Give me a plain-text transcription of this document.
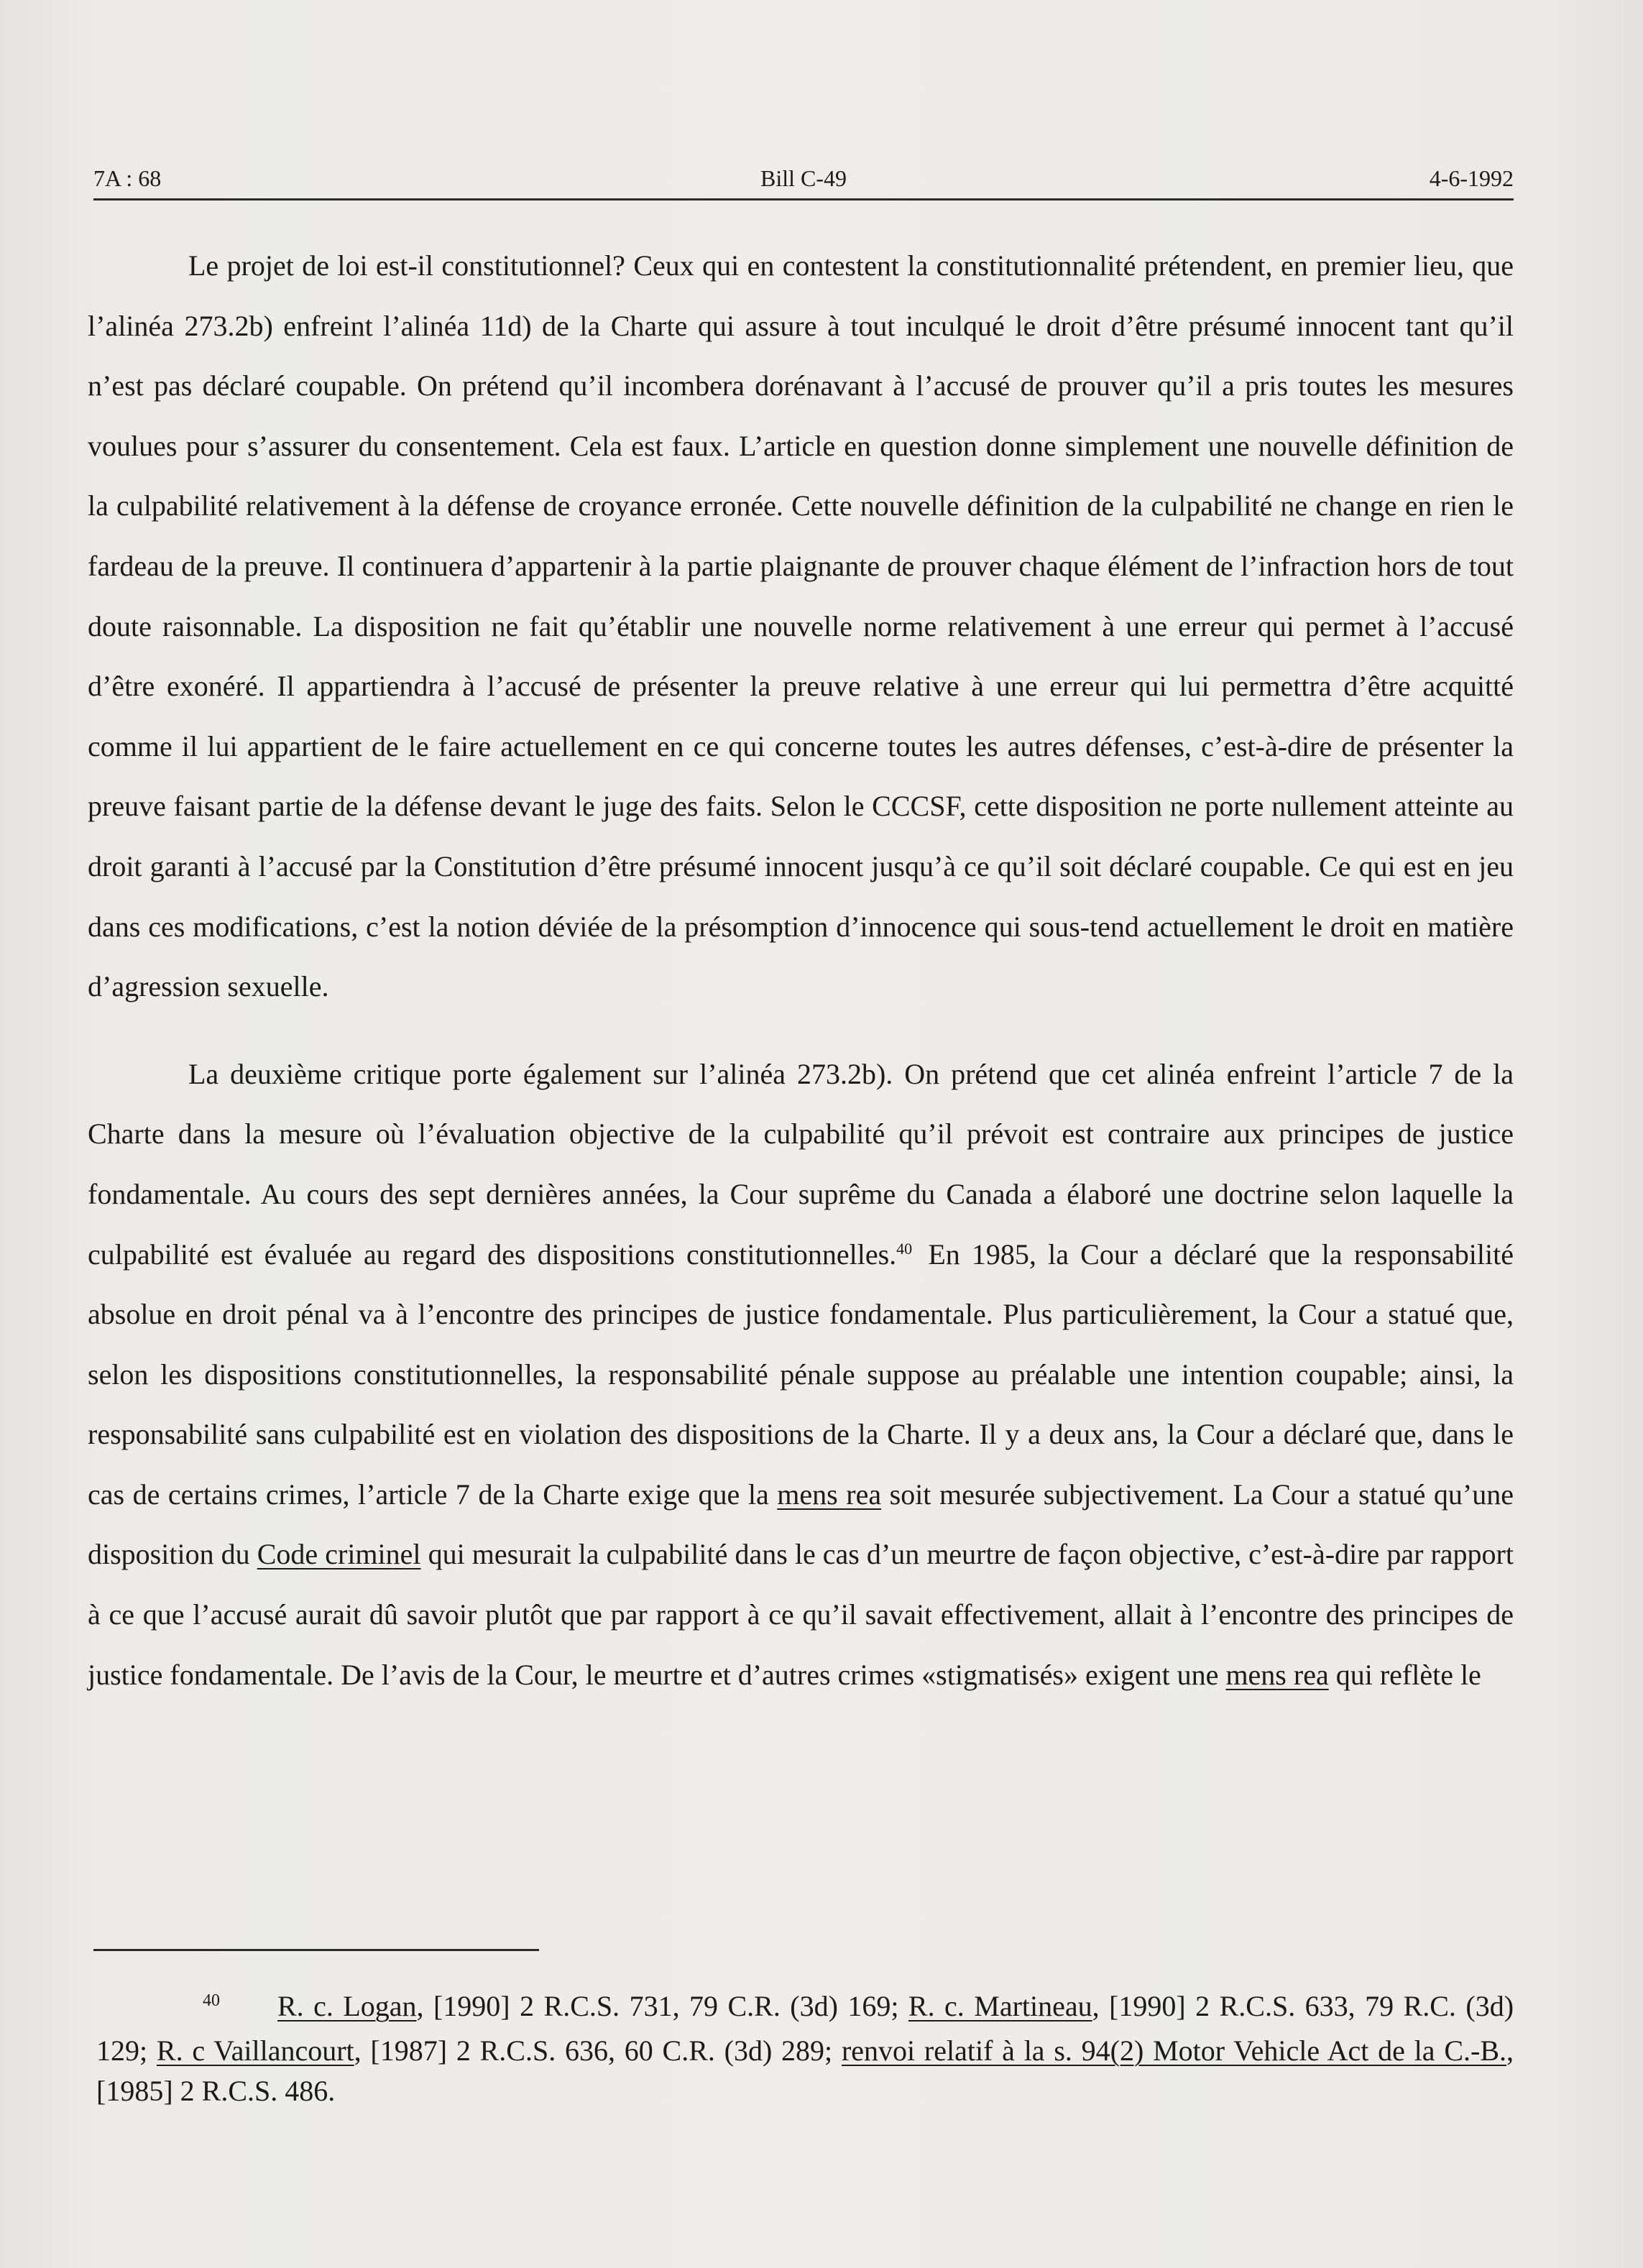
7A : 68	Bill C-49	4-6-1992

Le projet de loi est-il constitutionnel? Ceux qui en contestent la constitutionnalité prétendent, en premier lieu, que l’alinéa 273.2b) enfreint l’alinéa 11d) de la Charte qui assure à tout inculqué le droit d’être présumé innocent tant qu’il n’est pas déclaré coupable. On prétend qu’il incombera dorénavant à l’accusé de prouver qu’il a pris toutes les mesures voulues pour s’assurer du consentement. Cela est faux. L’article en question donne simplement une nouvelle définition de la culpabilité relativement à la défense de croyance erronée. Cette nouvelle définition de la culpabilité ne change en rien le fardeau de la preuve. Il continuera d’appartenir à la partie plaignante de prouver chaque élément de l’infraction hors de tout doute raisonnable. La disposition ne fait qu’établir une nouvelle norme relativement à une erreur qui permet à l’accusé d’être exonéré. Il appartiendra à l’accusé de présenter la preuve relative à une erreur qui lui permettra d’être acquitté comme il lui appartient de le faire actuellement en ce qui concerne toutes les autres défenses, c’est-à-dire de présenter la preuve faisant partie de la défense devant le juge des faits. Selon le CCCSF, cette disposition ne porte nullement atteinte au droit garanti à l’accusé par la Constitution d’être présumé innocent jusqu’à ce qu’il soit déclaré coupable. Ce qui est en jeu dans ces modifications, c’est la notion déviée de la présomption d’innocence qui sous-tend actuellement le droit en matière d’agression sexuelle.

La deuxième critique porte également sur l’alinéa 273.2b). On prétend que cet alinéa enfreint l’article 7 de la Charte dans la mesure où l’évaluation objective de la culpabilité qu’il prévoit est contraire aux principes de justice fondamentale. Au cours des sept dernières années, la Cour suprême du Canada a élaboré une doctrine selon laquelle la culpabilité est évaluée au regard des dispositions constitutionnelles.$^{40}$ En 1985, la Cour a déclaré que la responsabilité absolue en droit pénal va à l’encontre des principes de justice fondamentale. Plus particulièrement, la Cour a statué que, selon les dispositions constitutionnelles, la responsabilité pénale suppose au préalable une intention coupable; ainsi, la responsabilité sans culpabilité est en violation des dispositions de la Charte. Il y a deux ans, la Cour a déclaré que, dans le cas de certains crimes, l’article 7 de la Charte exige que la mens rea soit mesurée subjectivement. La Cour a statué qu’une disposition du Code criminel qui mesurait la culpabilité dans le cas d’un meurtre de façon objective, c’est-à-dire par rapport à ce que l’accusé aurait dû savoir plutôt que par rapport à ce qu’il savait effectivement, allait à l’encontre des principes de justice fondamentale. De l’avis de la Cour, le meurtre et d’autres crimes «stigmatisés» exigent une mens rea qui reflète le

$^{40}$ R. c. Logan, [1990] 2 R.C.S. 731, 79 C.R. (3d) 169; R. c. Martineau, [1990] 2 R.C.S. 633, 79 R.C. (3d) 129; R. c Vaillancourt, [1987] 2 R.C.S. 636, 60 C.R. (3d) 289; renvoi relatif à la s. 94(2) Motor Vehicle Act de la C.-B., [1985] 2 R.C.S. 486.
